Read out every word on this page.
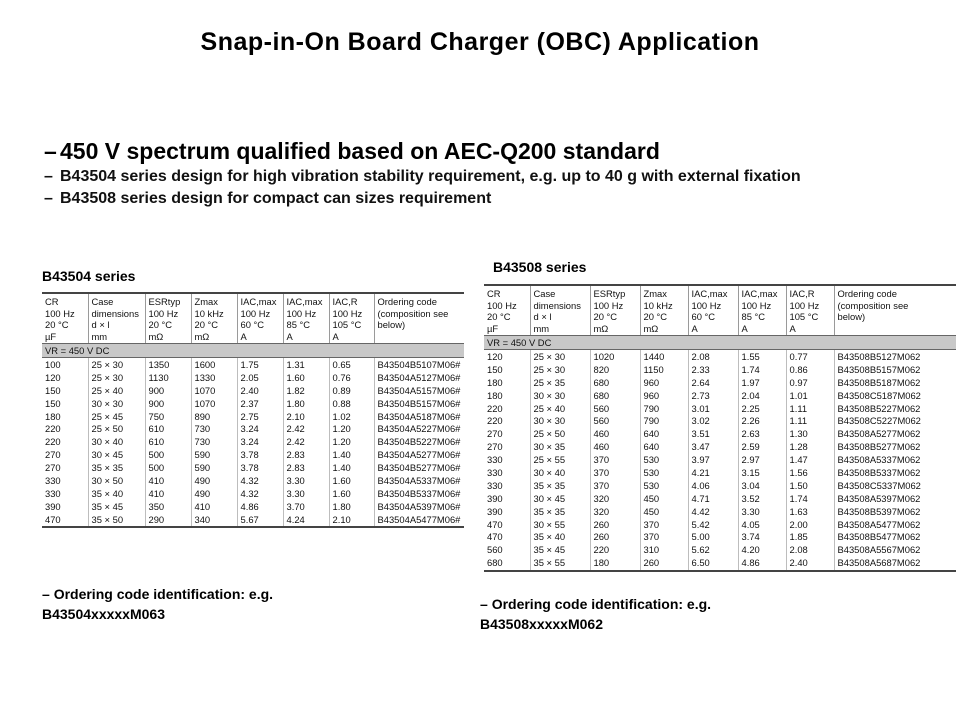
Snap-in-On Board Charger (OBC) Application
– 450 V spectrum qualified based on AEC-Q200 standard
– B43504 series design for high vibration stability requirement, e.g. up to 40 g with external fixation
– B43508 series design for compact can sizes requirement
B43504 series
CR
100 Hz
20 °C
µF	Case
dimensions
d × l
mm	ESRtyp
100 Hz
20 °C
mΩ	Zmax
10 kHz
20 °C
mΩ	IAC,max
100 Hz
60 °C
A	IAC,max
100 Hz
85 °C
A	IAC,R
100 Hz
105 °C
A	Ordering code
(composition see
below)
VR = 450 V DC							
100	25 × 30	1350	1600	1.75	1.31	0.65	B43504B5107M06#
120	25 × 30	1130	1330	2.05	1.60	0.76	B43504A5127M06#
150	25 × 40	900	1070	2.40	1.82	0.89	B43504A5157M06#
150	30 × 30	900	1070	2.37	1.80	0.88	B43504B5157M06#
180	25 × 45	750	890	2.75	2.10	1.02	B43504A5187M06#
220	25 × 50	610	730	3.24	2.42	1.20	B43504A5227M06#
220	30 × 40	610	730	3.24	2.42	1.20	B43504B5227M06#
270	30 × 45	500	590	3.78	2.83	1.40	B43504A5277M06#
270	35 × 35	500	590	3.78	2.83	1.40	B43504B5277M06#
330	30 × 50	410	490	4.32	3.30	1.60	B43504A5337M06#
330	35 × 40	410	490	4.32	3.30	1.60	B43504B5337M06#
390	35 × 45	350	410	4.86	3.70	1.80	B43504A5397M06#
470	35 × 50	290	340	5.67	4.24	2.10	B43504A5477M06#
– Ordering code identification: e.g.
B43504xxxxxM063
B43508 series
CR
100 Hz
20 °C
µF	Case
dimensions
d × l
mm	ESRtyp
100 Hz
20 °C
mΩ	Zmax
10 kHz
20 °C
mΩ	IAC,max
100 Hz
60 °C
A	IAC,max
100 Hz
85 °C
A	IAC,R
100 Hz
105 °C
A	Ordering code
(composition see
below)
VR = 450 V DC							
120	25 × 30	1020	1440	2.08	1.55	0.77	B43508B5127M062
150	25 × 30	820	1150	2.33	1.74	0.86	B43508B5157M062
180	25 × 35	680	960	2.64	1.97	0.97	B43508B5187M062
180	30 × 30	680	960	2.73	2.04	1.01	B43508C5187M062
220	25 × 40	560	790	3.01	2.25	1.11	B43508B5227M062
220	30 × 30	560	790	3.02	2.26	1.11	B43508C5227M062
270	25 × 50	460	640	3.51	2.63	1.30	B43508A5277M062
270	30 × 35	460	640	3.47	2.59	1.28	B43508B5277M062
330	25 × 55	370	530	3.97	2.97	1.47	B43508A5337M062
330	30 × 40	370	530	4.21	3.15	1.56	B43508B5337M062
330	35 × 35	370	530	4.06	3.04	1.50	B43508C5337M062
390	30 × 45	320	450	4.71	3.52	1.74	B43508A5397M062
390	35 × 35	320	450	4.42	3.30	1.63	B43508B5397M062
470	30 × 55	260	370	5.42	4.05	2.00	B43508A5477M062
470	35 × 40	260	370	5.00	3.74	1.85	B43508B5477M062
560	35 × 45	220	310	5.62	4.20	2.08	B43508A5567M062
680	35 × 55	180	260	6.50	4.86	2.40	B43508A5687M062
– Ordering code identification: e.g.
B43508xxxxxM062
